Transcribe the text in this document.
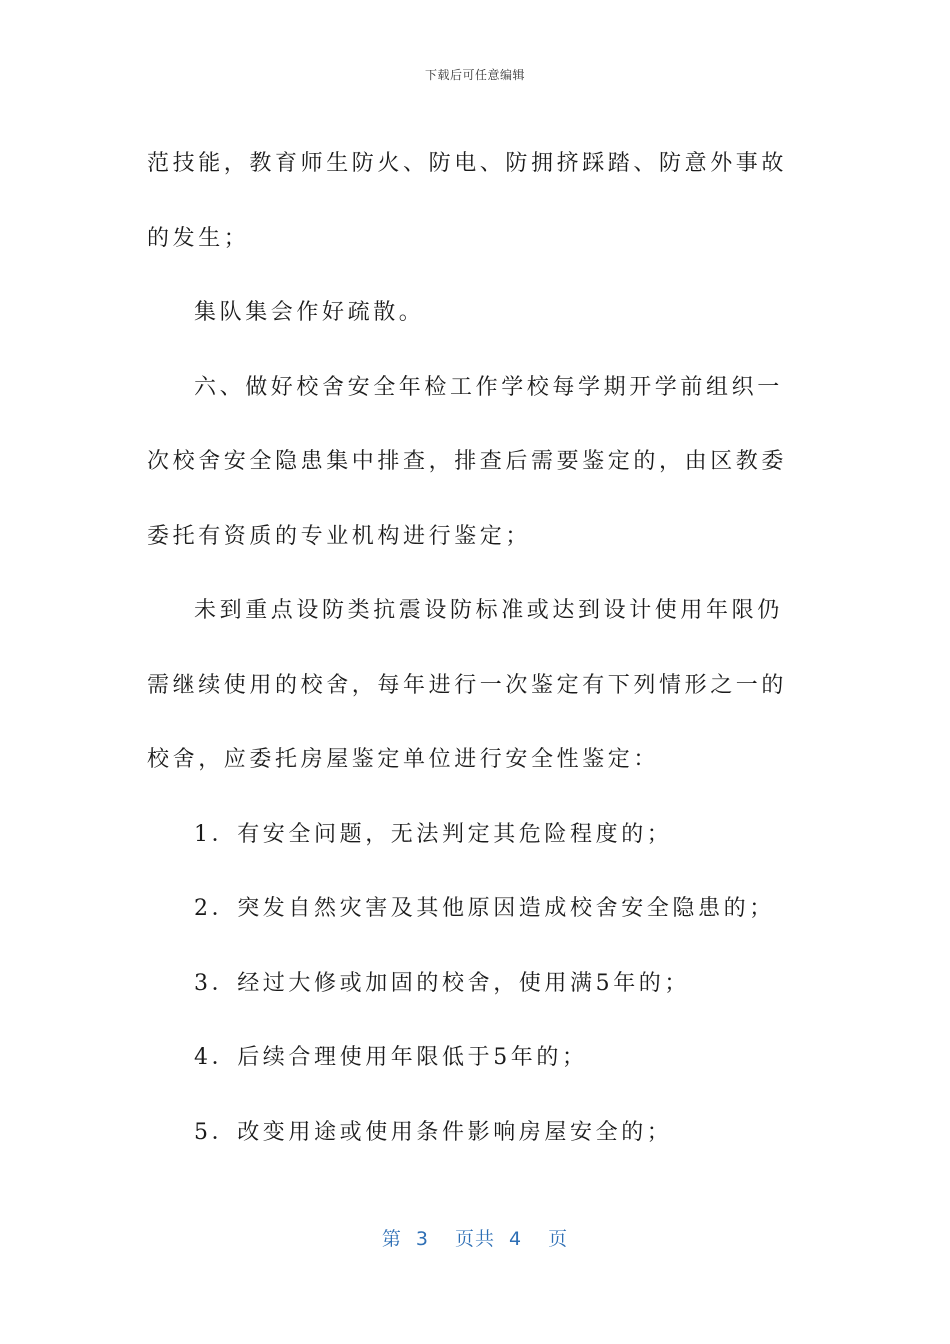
下载后可任意编辑

范技能，教育师生防火、防电、防拥挤踩踏、防意外事故的发生；

集队集会作好疏散。

六、做好校舍安全年检工作学校每学期开学前组织一次校舍安全隐患集中排查，排查后需要鉴定的，由区教委委托有资质的专业机构进行鉴定；

未到重点设防类抗震设防标准或达到设计使用年限仍需继续使用的校舍，每年进行一次鉴定有下列情形之一的校舍，应委托房屋鉴定单位进行安全性鉴定：

1．有安全问题，无法判定其危险程度的；

2．突发自然灾害及其他原因造成校舍安全隐患的；

3．经过大修或加固的校舍，使用满5年的；

4．后续合理使用年限低于5年的；

5．改变用途或使用条件影响房屋安全的；

第 3 页共 4 页
